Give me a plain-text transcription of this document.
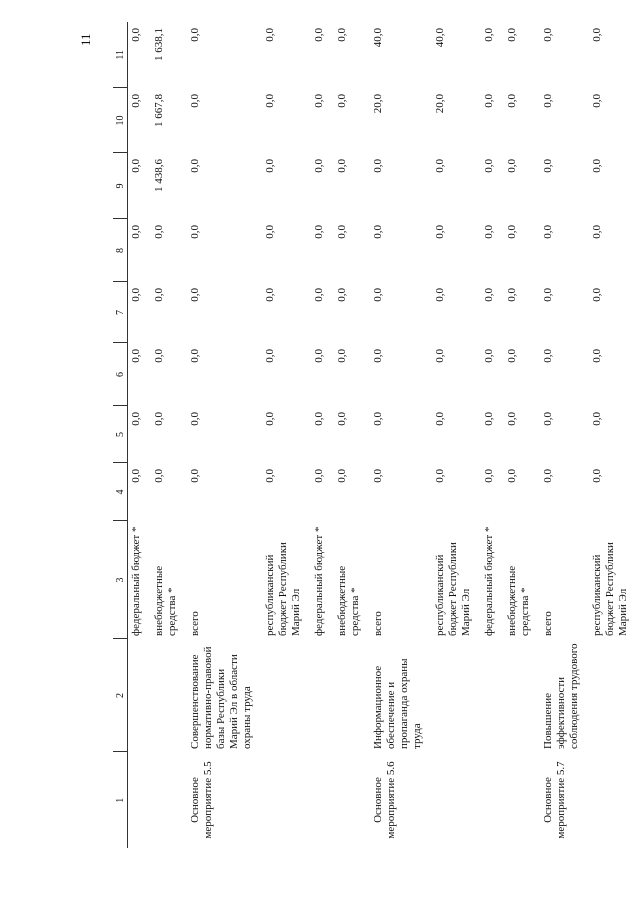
11
1	2	3	4	5	6	7	8	9	10	11
		федеральный бюджет *	0,0	0,0	0,0	0,0	0,0	0,0	0,0	0,0
		внебюджетные средства *	0,0	0,0	0,0	0,0	0,0	1 438,6	1 667,8	1 638,1
Основное мероприятие 5.5	Совершенствование нормативно-правовой базы Республики Марий Эл в области охраны труда	всего	0,0	0,0	0,0	0,0	0,0	0,0	0,0	0,0
		республиканский бюджет Республики Марий Эл	0,0	0,0	0,0	0,0	0,0	0,0	0,0	0,0
		федеральный бюджет *	0,0	0,0	0,0	0,0	0,0	0,0	0,0	0,0
		внебюджетные средства *	0,0	0,0	0,0	0,0	0,0	0,0	0,0	0,0
Основное мероприятие 5.6	Информационное обеспечение и пропаганда охраны труда	всего	0,0	0,0	0,0	0,0	0,0	0,0	20,0	40,0
		республиканский бюджет Республики Марий Эл	0,0	0,0	0,0	0,0	0,0	0,0	20,0	40,0
		федеральный бюджет *	0,0	0,0	0,0	0,0	0,0	0,0	0,0	0,0
		внебюджетные средства *	0,0	0,0	0,0	0,0	0,0	0,0	0,0	0,0
Основное мероприятие 5.7	Повышение эффективности соблюдения трудового	всего	0,0	0,0	0,0	0,0	0,0	0,0	0,0	0,0
		республиканский бюджет Республики Марий Эл	0,0	0,0	0,0	0,0	0,0	0,0	0,0	0,0
